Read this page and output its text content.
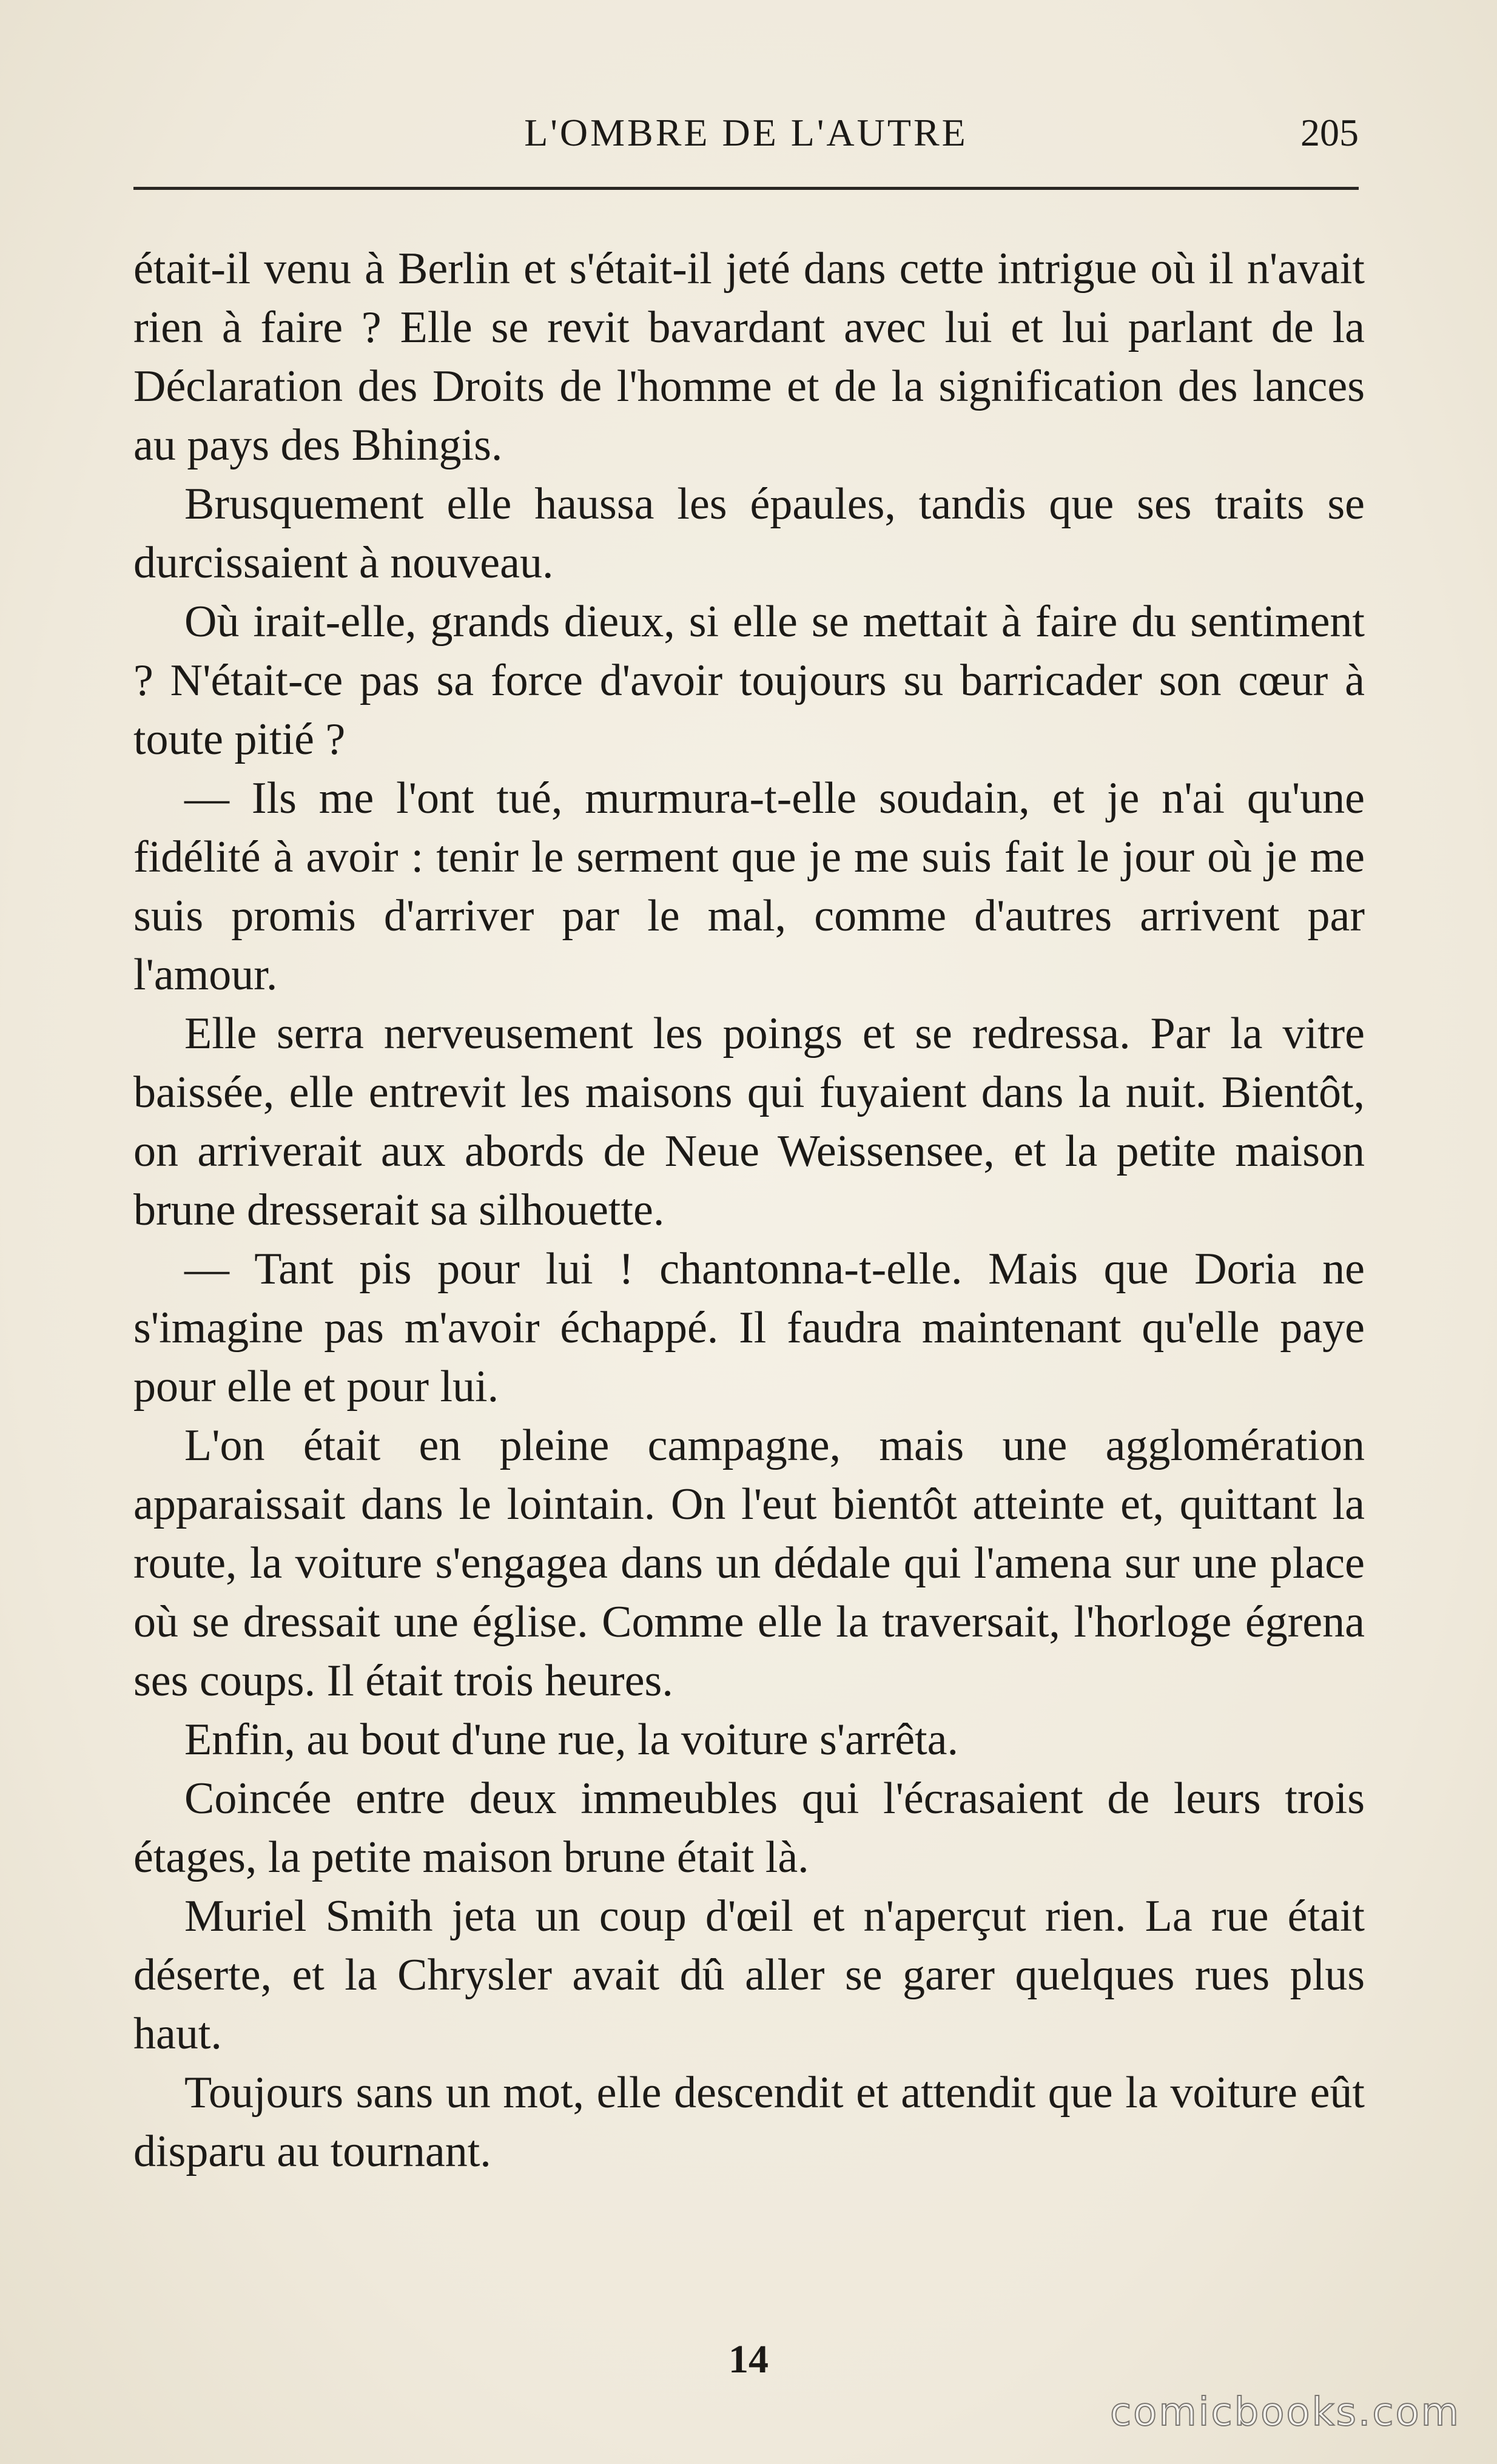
L'OMBRE DE L'AUTRE	205

était-il venu à Berlin et s'était-il jeté dans cette intrigue où il n'avait rien à faire ? Elle se revit bavardant avec lui et lui parlant de la Déclaration des Droits de l'homme et de la signification des lances au pays des Bhingis.

Brusquement elle haussa les épaules, tandis que ses traits se durcissaient à nouveau.

Où irait-elle, grands dieux, si elle se mettait à faire du sentiment ? N'était-ce pas sa force d'avoir toujours su barricader son cœur à toute pitié ?

— Ils me l'ont tué, murmura-t-elle soudain, et je n'ai qu'une fidélité à avoir : tenir le serment que je me suis fait le jour où je me suis promis d'arriver par le mal, comme d'autres arrivent par l'amour.

Elle serra nerveusement les poings et se redressa. Par la vitre baissée, elle entrevit les maisons qui fuyaient dans la nuit. Bientôt, on arriverait aux abords de Neue Weissensee, et la petite maison brune dresserait sa silhouette.

— Tant pis pour lui ! chantonna-t-elle. Mais que Doria ne s'imagine pas m'avoir échappé. Il faudra maintenant qu'elle paye pour elle et pour lui.

L'on était en pleine campagne, mais une agglomération apparaissait dans le lointain. On l'eut bientôt atteinte et, quittant la route, la voiture s'engagea dans un dédale qui l'amena sur une place où se dressait une église. Comme elle la traversait, l'horloge égrena ses coups. Il était trois heures.

Enfin, au bout d'une rue, la voiture s'arrêta.

Coincée entre deux immeubles qui l'écrasaient de leurs trois étages, la petite maison brune était là.

Muriel Smith jeta un coup d'œil et n'aperçut rien. La rue était déserte, et la Chrysler avait dû aller se garer quelques rues plus haut.

Toujours sans un mot, elle descendit et attendit que la voiture eût disparu au tournant.

14
comicbooks.com
